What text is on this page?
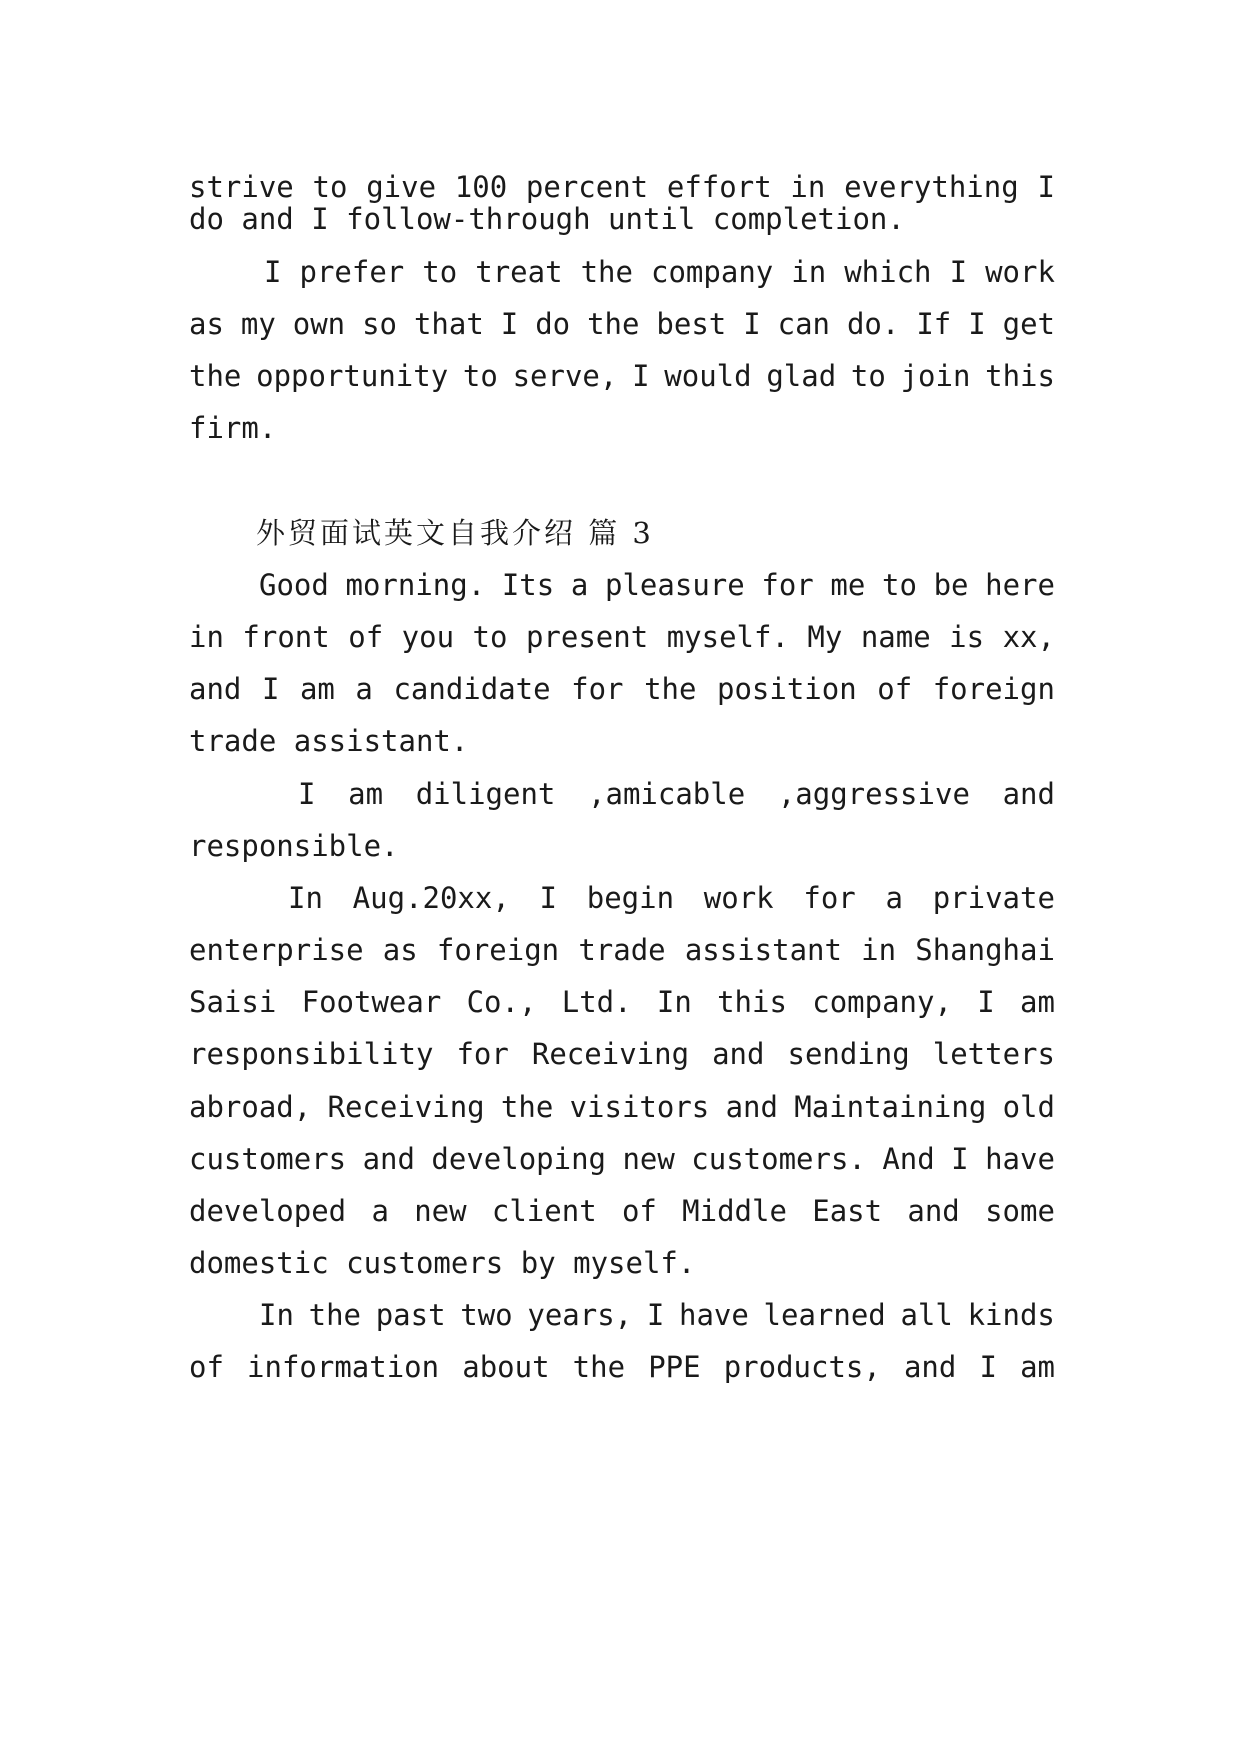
strive to give 100 percent effort in everything I
do and I follow-through until completion.
I prefer to treat the company in which I work
as my own so that I do the best I can do. If I get
the opportunity to serve, I would glad to join this
firm.
外贸面试英文自我介绍 篇 3
Good morning. Its a pleasure for me to be here
in front of you to present myself. My name is xx,
and I am a candidate for the position of foreign
trade assistant.
I am diligent ,amicable ,aggressive and
responsible.
In Aug.20xx, I begin work for a private
enterprise as foreign trade assistant in Shanghai
Saisi Footwear Co., Ltd. In this company, I am
responsibility for Receiving and sending letters
abroad, Receiving the visitors and Maintaining old
customers and developing new customers. And I have
developed a new client of Middle East and some
domestic customers by myself.
In the past two years, I have learned all kinds
of information about the PPE products, and I am
